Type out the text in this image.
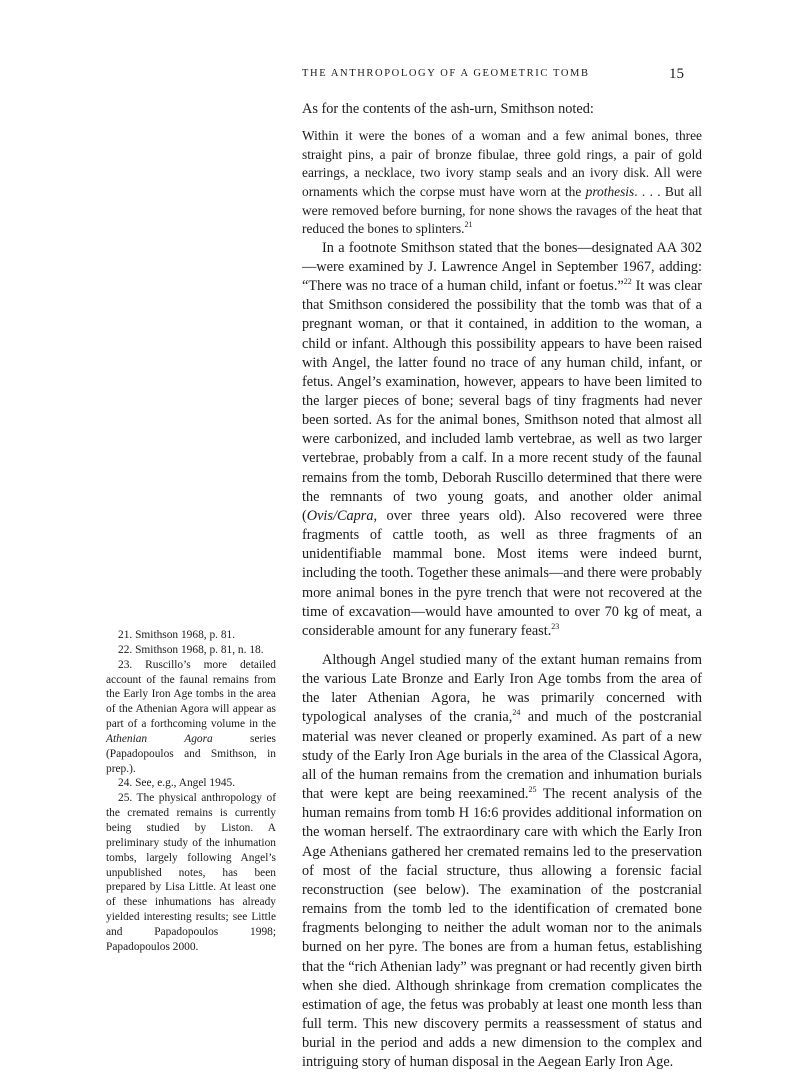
THE ANTHROPOLOGY OF A GEOMETRIC TOMB	15

As for the contents of the ash-urn, Smithson noted:

Within it were the bones of a woman and a few animal bones, three straight pins, a pair of bronze fibulae, three gold rings, a pair of gold earrings, a necklace, two ivory stamp seals and an ivory disk. All were ornaments which the corpse must have worn at the prothesis. . . . But all were removed before burning, for none shows the ravages of the heat that reduced the bones to splinters.$^{21}$

In a footnote Smithson stated that the bones—designated AA 302—were examined by J. Lawrence Angel in September 1967, adding: “There was no trace of a human child, infant or foetus.”$^{22}$ It was clear that Smithson considered the possibility that the tomb was that of a pregnant woman, or that it contained, in addition to the woman, a child or infant. Although this possibility appears to have been raised with Angel, the latter found no trace of any human child, infant, or fetus. Angel’s examination, however, appears to have been limited to the larger pieces of bone; several bags of tiny fragments had never been sorted. As for the animal bones, Smithson noted that almost all were carbonized, and included lamb vertebrae, as well as two larger vertebrae, probably from a calf. In a more recent study of the faunal remains from the tomb, Deborah Ruscillo determined that there were the remnants of two young goats, and another older animal (Ovis/Capra, over three years old). Also recovered were three fragments of cattle tooth, as well as three fragments of an unidentifiable mammal bone. Most items were indeed burnt, including the tooth. Together these animals—and there were probably more animal bones in the pyre trench that were not recovered at the time of excavation—would have amounted to over 70 kg of meat, a considerable amount for any funerary feast.$^{23}$

Although Angel studied many of the extant human remains from the various Late Bronze and Early Iron Age tombs from the area of the later Athenian Agora, he was primarily concerned with typological analyses of the crania,$^{24}$ and much of the postcranial material was never cleaned or properly examined. As part of a new study of the Early Iron Age burials in the area of the Classical Agora, all of the human remains from the cremation and inhumation burials that were kept are being reexamined.$^{25}$ The recent analysis of the human remains from tomb H 16:6 provides additional information on the woman herself. The extraordinary care with which the Early Iron Age Athenians gathered her cremated remains led to the preservation of most of the facial structure, thus allowing a forensic facial reconstruction (see below). The examination of the postcranial remains from the tomb led to the identification of cremated bone fragments belonging to neither the adult woman nor to the animals burned on her pyre. The bones are from a human fetus, establishing that the “rich Athenian lady” was pregnant or had recently given birth when she died. Although shrinkage from cremation complicates the estimation of age, the fetus was probably at least one month less than full term. This new discovery permits a reassessment of status and burial in the period and adds a new dimension to the complex and intriguing story of human disposal in the Aegean Early Iron Age.

21. Smithson 1968, p. 81.

22. Smithson 1968, p. 81, n. 18.

23. Ruscillo’s more detailed account of the faunal remains from the Early Iron Age tombs in the area of the Athenian Agora will appear as part of a forthcoming volume in the Athenian Agora series (Papadopoulos and Smithson, in prep.).

24. See, e.g., Angel 1945.

25. The physical anthropology of the cremated remains is currently being studied by Liston. A preliminary study of the inhumation tombs, largely following Angel’s unpublished notes, has been prepared by Lisa Little. At least one of these inhumations has already yielded interesting results; see Little and Papadopoulos 1998; Papadopoulos 2000.
